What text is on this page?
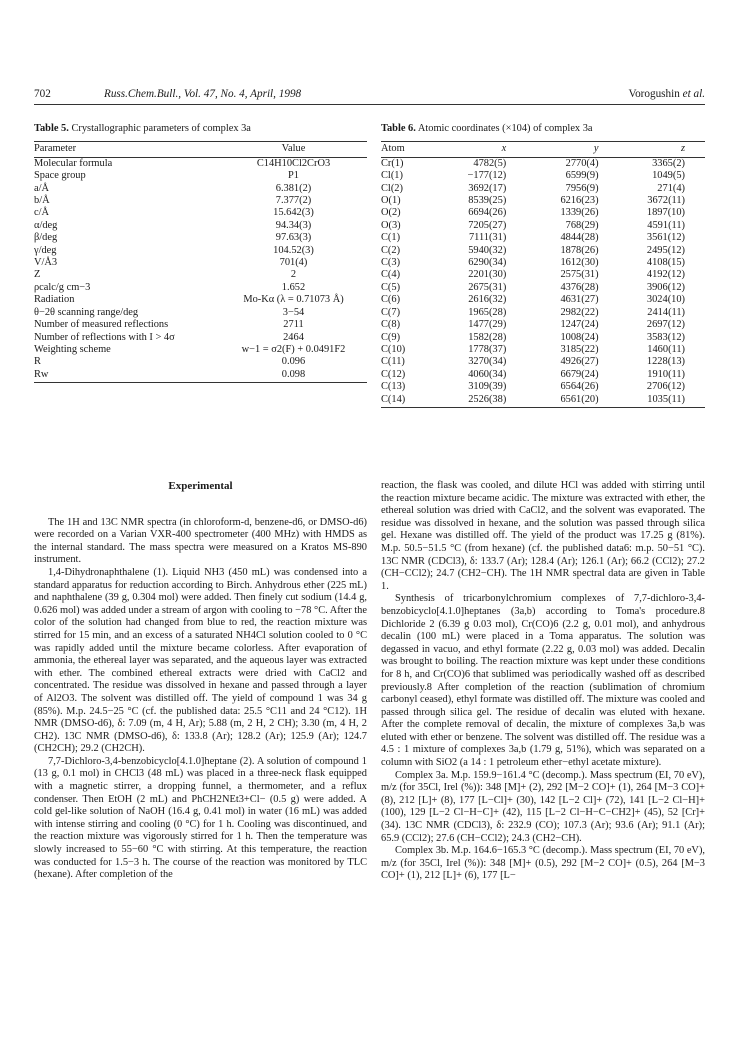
702	Russ.Chem.Bull., Vol. 47, No. 4, April, 1998	Vorogushin et al.
Table 5. Crystallographic parameters of complex 3a
Parameter	Value
Molecular formula	C14H10Cl2CrO3
Space group	P1
a/Å	6.381(2)
b/Å	7.377(2)
c/Å	15.642(3)
α/deg	94.34(3)
β/deg	97.63(3)
γ/deg	104.52(3)
V/Å3	701(4)
Z	2
ρcalc/g cm−3	1.652
Radiation	Mo-Kα (λ = 0.71073 Å)
θ−2θ scanning range/deg	3−54
Number of measured reflections	2711
Number of reflections with I > 4σ	2464
Weighting scheme	w−1 = σ2(F) + 0.0491F2
R	0.096
Rw	0.098
Table 6. Atomic coordinates (×104) of complex 3a
Atom	x	y	z
Cr(1)	4782(5)	2770(4)	3365(2)
Cl(1)	−177(12)	6599(9)	1049(5)
Cl(2)	3692(17)	7956(9)	271(4)
O(1)	8539(25)	6216(23)	3672(11)
O(2)	6694(26)	1339(26)	1897(10)
O(3)	7205(27)	768(29)	4591(11)
C(1)	7111(31)	4844(28)	3561(12)
C(2)	5940(32)	1878(26)	2495(12)
C(3)	6290(34)	1612(30)	4108(15)
C(4)	2201(30)	2575(31)	4192(12)
C(5)	2675(31)	4376(28)	3906(12)
C(6)	2616(32)	4631(27)	3024(10)
C(7)	1965(28)	2982(22)	2414(11)
C(8)	1477(29)	1247(24)	2697(12)
C(9)	1582(28)	1008(24)	3583(12)
C(10)	1778(37)	3185(22)	1460(11)
C(11)	3270(34)	4926(27)	1228(13)
C(12)	4060(34)	6679(24)	1910(11)
C(13)	3109(39)	6564(26)	2706(12)
C(14)	2526(38)	6561(20)	1035(11)
Experimental

The 1H and 13C NMR spectra (in chloroform-d, benzene-d6, or DMSO-d6) were recorded on a Varian VXR-400 spectrometer (400 MHz) with HMDS as the internal standard. The mass spectra were measured on a Kratos MS-890 instrument.

1,4-Dihydronaphthalene (1). Liquid NH3 (450 mL) was condensed into a standard apparatus for reduction according to Birch. Anhydrous ether (225 mL) and naphthalene (39 g, 0.304 mol) were added. Then finely cut sodium (14.4 g, 0.626 mol) was added under a stream of argon with cooling to −78 °C. After the color of the solution had changed from blue to red, the reaction mixture was stirred for 15 min, and an excess of a saturated NH4Cl solution cooled to 0 °C was rapidly added until the mixture became colorless. After evaporation of ammonia, the ethereal layer was separated, and the aqueous layer was extracted with ether. The combined ethereal extracts were dried with CaCl2 and concentrated. The residue was dissolved in hexane and passed through a layer of Al2O3. The solvent was distilled off. The yield of compound 1 was 34 g (85%). M.p. 24.5−25 °C (cf. the published data: 25.5 °C11 and 24 °C12). 1H NMR (DMSO-d6), δ: 7.09 (m, 4 H, Ar); 5.88 (m, 2 H, 2 CH); 3.30 (m, 4 H, 2 CH2). 13C NMR (DMSO-d6), δ: 133.8 (Ar); 128.2 (Ar); 125.9 (Ar); 124.7 (CH2CH); 29.2 (CH2CH).

7,7-Dichloro-3,4-benzobicyclo[4.1.0]heptane (2). A solution of compound 1 (13 g, 0.1 mol) in CHCl3 (48 mL) was placed in a three-neck flask equipped with a magnetic stirrer, a dropping funnel, a thermometer, and a reflux condenser. Then EtOH (2 mL) and PhCH2NEt3+Cl− (0.5 g) were added. A cold gel-like solution of NaOH (16.4 g, 0.41 mol) in water (16 mL) was added with intense stirring and cooling (0 °C) for 1 h. Cooling was discontinued, and the reaction mixture was vigorously stirred for 1 h. Then the temperature was slowly increased to 55−60 °C with stirring. At this temperature, the reaction was conducted for 1.5−3 h. The course of the reaction was monitored by TLC (hexane). After completion of the

reaction, the flask was cooled, and dilute HCl was added with stirring until the reaction mixture became acidic. The mixture was extracted with ether, the ethereal solution was dried with CaCl2, and the solvent was evaporated. The residue was dissolved in hexane, and the solution was passed through silica gel. Hexane was distilled off. The yield of the product was 17.25 g (81%). M.p. 50.5−51.5 °C (from hexane) (cf. the published data6: m.p. 50−51 °C). 13C NMR (CDCl3), δ: 133.7 (Ar); 128.4 (Ar); 126.1 (Ar); 66.2 (CCl2); 27.2 (CH−CCl2); 24.7 (CH2−CH). The 1H NMR spectral data are given in Table 1.

Synthesis of tricarbonylchromium complexes of 7,7-dichloro-3,4-benzobicyclo[4.1.0]heptanes (3a,b) according to Toma's procedure.8 Dichloride 2 (6.39 g 0.03 mol), Cr(CO)6 (2.2 g, 0.01 mol), and anhydrous decalin (100 mL) were placed in a Toma apparatus. The solution was degassed in vacuo, and ethyl formate (2.22 g, 0.03 mol) was added. Decalin was brought to boiling. The reaction mixture was kept under these conditions for 8 h, and Cr(CO)6 that sublimed was periodically washed off as described previously.8 After completion of the reaction (sublimation of chromium carbonyl ceased), ethyl formate was distilled off. The mixture was cooled and passed through silica gel. The residue of decalin was eluted with hexane. After the complete removal of decalin, the mixture of complexes 3a,b was eluted with ether or benzene. The solvent was distilled off. The residue was a 4.5 : 1 mixture of complexes 3a,b (1.79 g, 51%), which was separated on a column with SiO2 (a 14 : 1 petroleum ether−ethyl acetate mixture).

Complex 3a. M.p. 159.9−161.4 °C (decomp.). Mass spectrum (EI, 70 eV), m/z (for 35Cl, Irel (%)): 348 [M]+ (2), 292 [M−2 CO]+ (1), 264 [M−3 CO]+ (8), 212 [L]+ (8), 177 [L−Cl]+ (30), 142 [L−2 Cl]+ (72), 141 [L−2 Cl−H]+ (100), 129 [L−2 Cl−H−C]+ (42), 115 [L−2 Cl−H−C−CH2]+ (45), 52 [Cr]+ (34). 13C NMR (CDCl3), δ: 232.9 (CO); 107.3 (Ar); 93.6 (Ar); 91.1 (Ar); 65.9 (CCl2); 27.6 (CH−CCl2); 24.3 (CH2−CH).

Complex 3b. M.p. 164.6−165.3 °C (decomp.). Mass spectrum (EI, 70 eV), m/z (for 35Cl, Irel (%)): 348 [M]+ (0.5), 292 [M−2 CO]+ (0.5), 264 [M−3 CO]+ (1), 212 [L]+ (6), 177 [L−
